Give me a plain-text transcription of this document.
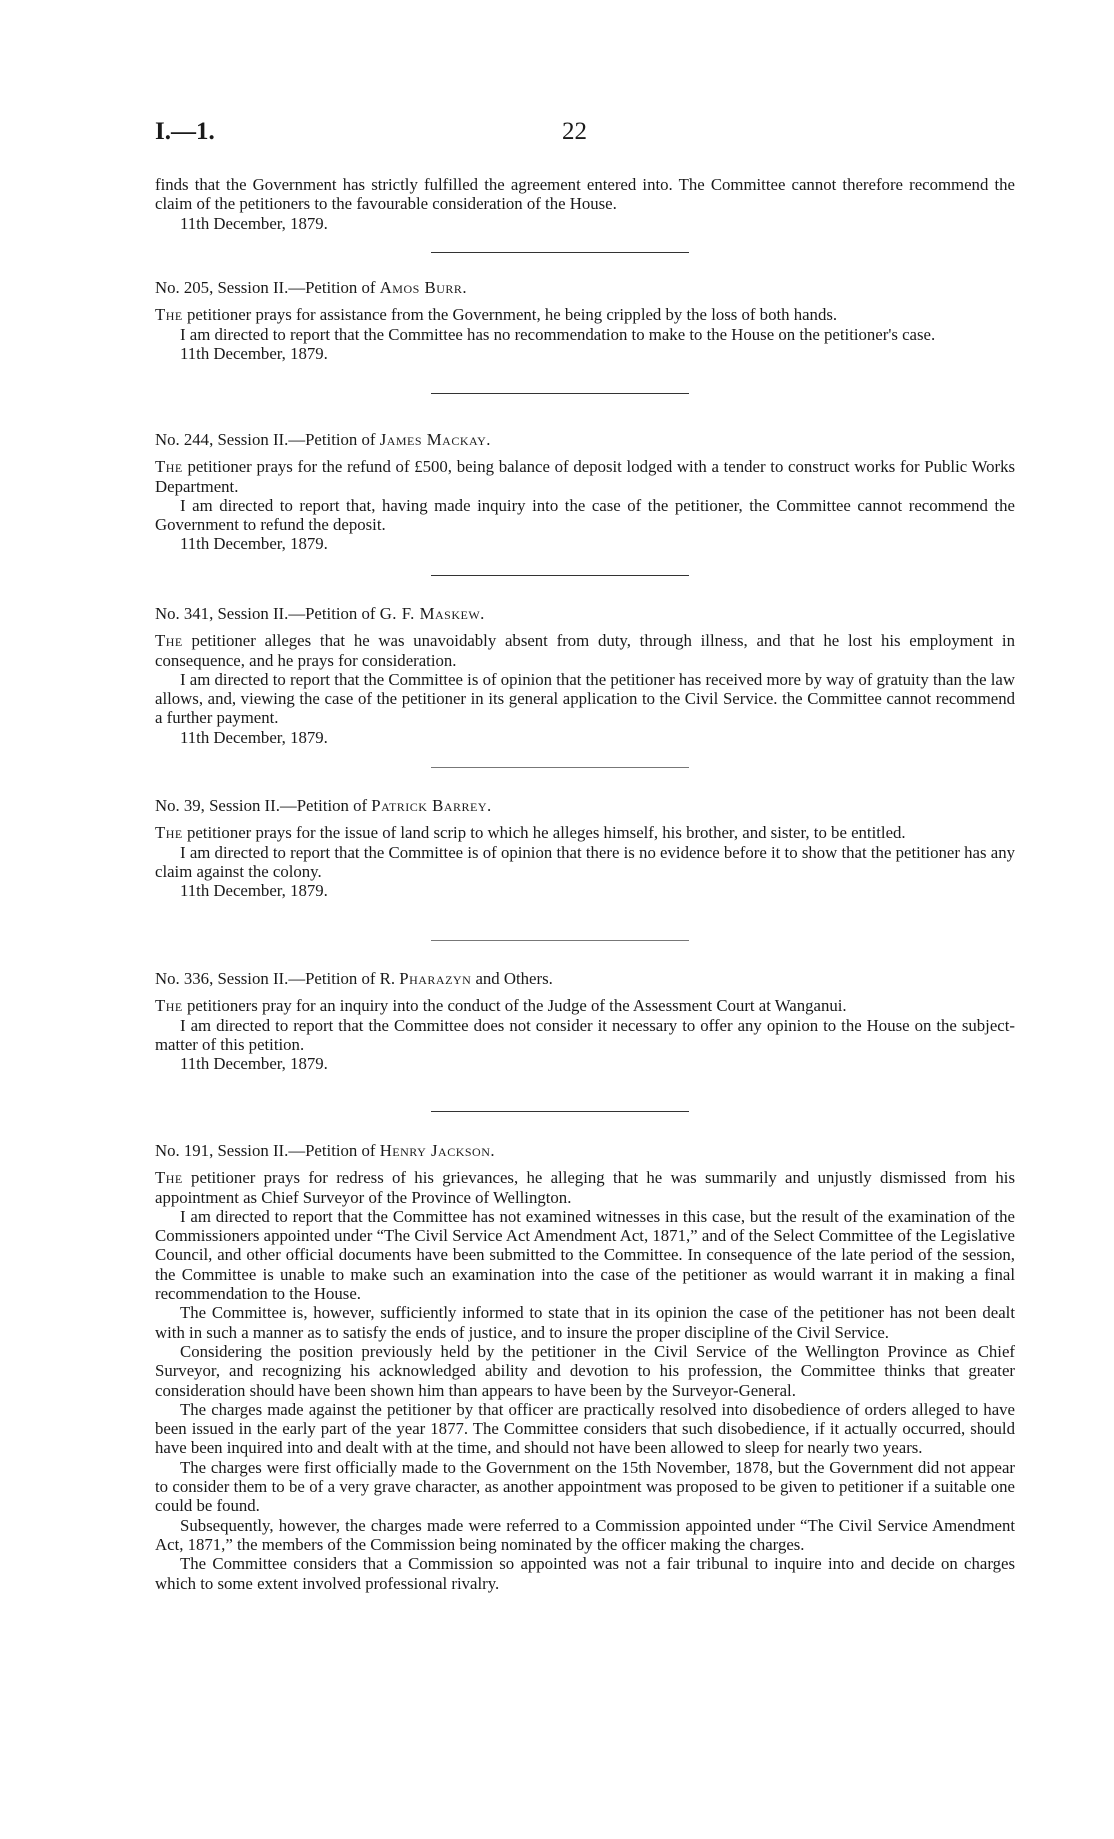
I.—1.	22

finds that the Government has strictly fulfilled the agreement entered into. The Committee cannot therefore recommend the claim of the petitioners to the favourable consideration of the House.

11th December, 1879.

No. 205, Session II.—Petition of Amos Burr.

The petitioner prays for assistance from the Government, he being crippled by the loss of both hands.

I am directed to report that the Committee has no recommendation to make to the House on the petitioner's case.

11th December, 1879.

No. 244, Session II.—Petition of James Mackay.

The petitioner prays for the refund of £500, being balance of deposit lodged with a tender to construct works for Public Works Department.

I am directed to report that, having made inquiry into the case of the petitioner, the Committee cannot recommend the Government to refund the deposit.

11th December, 1879.

No. 341, Session II.—Petition of G. F. Maskew.

The petitioner alleges that he was unavoidably absent from duty, through illness, and that he lost his employment in consequence, and he prays for consideration.

I am directed to report that the Committee is of opinion that the petitioner has received more by way of gratuity than the law allows, and, viewing the case of the petitioner in its general application to the Civil Service. the Committee cannot recommend a further payment.

11th December, 1879.

No. 39, Session II.—Petition of Patrick Barrey.

The petitioner prays for the issue of land scrip to which he alleges himself, his brother, and sister, to be entitled.

I am directed to report that the Committee is of opinion that there is no evidence before it to show that the petitioner has any claim against the colony.

11th December, 1879.

No. 336, Session II.—Petition of R. Pharazyn and Others.

The petitioners pray for an inquiry into the conduct of the Judge of the Assessment Court at Wanganui.

I am directed to report that the Committee does not consider it necessary to offer any opinion to the House on the subject-matter of this petition.

11th December, 1879.

No. 191, Session II.—Petition of Henry Jackson.

The petitioner prays for redress of his grievances, he alleging that he was summarily and unjustly dismissed from his appointment as Chief Surveyor of the Province of Wellington.

I am directed to report that the Committee has not examined witnesses in this case, but the result of the examination of the Commissioners appointed under “The Civil Service Act Amendment Act, 1871,” and of the Select Committee of the Legislative Council, and other official documents have been submitted to the Committee. In consequence of the late period of the session, the Committee is unable to make such an examination into the case of the petitioner as would warrant it in making a final recommendation to the House.

The Committee is, however, sufficiently informed to state that in its opinion the case of the petitioner has not been dealt with in such a manner as to satisfy the ends of justice, and to insure the proper discipline of the Civil Service.

Considering the position previously held by the petitioner in the Civil Service of the Wellington Province as Chief Surveyor, and recognizing his acknowledged ability and devotion to his profession, the Committee thinks that greater consideration should have been shown him than appears to have been by the Surveyor-General.

The charges made against the petitioner by that officer are practically resolved into disobedience of orders alleged to have been issued in the early part of the year 1877. The Committee considers that such disobedience, if it actually occurred, should have been inquired into and dealt with at the time, and should not have been allowed to sleep for nearly two years.

The charges were first officially made to the Government on the 15th November, 1878, but the Government did not appear to consider them to be of a very grave character, as another appointment was proposed to be given to petitioner if a suitable one could be found.

Subsequently, however, the charges made were referred to a Commission appointed under “The Civil Service Amendment Act, 1871,” the members of the Commission being nominated by the officer making the charges.

The Committee considers that a Commission so appointed was not a fair tribunal to inquire into and decide on charges which to some extent involved professional rivalry.
